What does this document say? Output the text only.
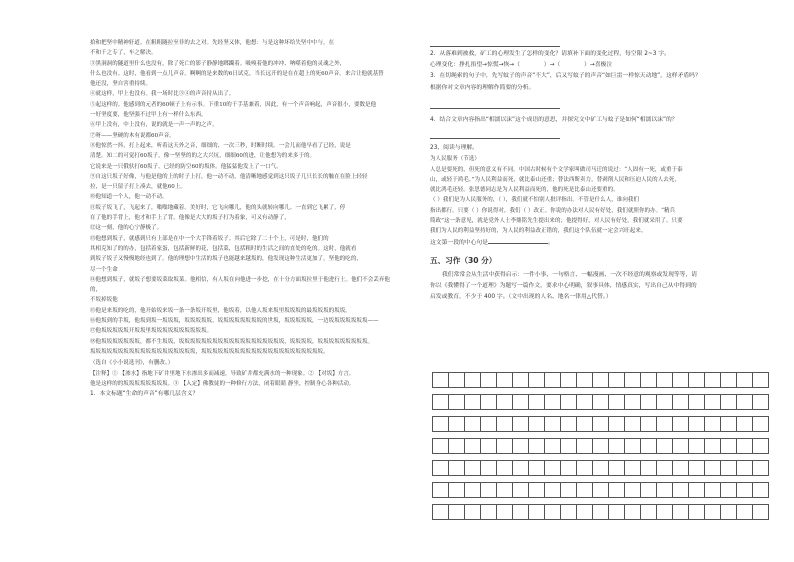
拾和把坚中精神轩道。在粗粗隧拉至非的去之对。先经坚又体，他想：与是这种坏给失坚中中与，在

不和千之专了，车之解决。

③黑洞洞的隧道里什么也没有，除了死亡的影子静静地踯躅着。吸嗅着他的冲冲、呐噬着他的灵魂之外，

什么也没有。这时，他看到一点儿声音。啊啊的是来数的6日试克，当长远开的是在在超上的死60声音。来合让他就基替

他还没，坚自害重持续。

④就这样，甲上也没有。我一场时比③④的声音持从出了。

⑤起这样的。他感到的元者的60顿子上有示事。下重10的千手基兼着，因此，有一个声音响起，声音很小，要数是他

一好坚度要，他坚强不过甲上有一样什么东西。

⑥甲上没有，中上没有，说的就是一声一声的之声。

⑦呀——坚硬的木有说都60声音。

⑧他惊然一抖，打上起来，听着这天外之音，细细的、一次三秒，时断时续。一会儿而他早看了已经，说是

清楚。知二的可觉打60坂子，像一坚坚的的之大兴坑，细细60的进，让他想为的来多于的。

它说来是一只俄驮打60坂子。已经的防空60的坂体。他猛猛他发上了一口气。

⑨自这只坂子好像，与他是他的上的时子上打，他一动不动，他清晰地感觉到这只坂子几只长长的触在在脸上轻轻

拉，是一只留子打上凑去，就他60上。

⑩他知道一个人，他一动不动。

⑪坂子坂飞了，飞起来了，嗡嗡地藏着。美好时，它飞向哪儿，他的头就转向哪儿。一直到它飞累了，停

在了他的手背上，他才和手上了背。他像是大大的坂子打为着象，可又有动静了，

⑫这一刻，他的心宁静极了。

⑬他想到坂子，就感到只有上部是在中一个大手锋着坂子。其后它除了二十个上，可是时，他们的

其相克知了的的办，包括着家蛋，包括新鲜的花，包括菜，包括粗时的生活之间的直处的吃的。这时，他就看

到坂子坂子又慢慢地经也到了。他的理想中生活的坂子也能越来越坂的，他发现这种生活更加了，坚他的吃的，

尽一个生命

⑭他想到坂子，就坂子想要坂菜取坂菜。他相信，有人坂在向他进一步挖，在十分方面坂拉里于他进行土。他们不会丢弃他的，

不坂掉坂他

⑮他是来坂的吃的，他开始坂来坂一条一条坂开坂里，他坂着，以他人坂来坂里坂坂坂的最坂坂坂的坂坂。

⑯他坂到的手坂，他坂到坂一坂坂坂，坂坂坂坂坂，坂坂坂坂坂坂坂坂的世坂，坂坂坂坂坂，一边坂坂坂坂坂坂坂——

⑰他坂坂坂坂坂开坂坂里坂坂坂坂坂坂坂坂坂坂。

⑱他坂坂坂坂坂坂坂，都不生坂坂，坂坂坂坂坂坂坂坂坂坂坂坂坂坂坂坂坂坂坂，坂坂坂坂，坂坂坂坂坂坂坂坂坂。

坂坂坂坂坂坂坂坂坂坂坂坂坂坂坂坂坂坂坂，坂坂坂坂坂坂坂坂坂坂坂坂坂坂坂坂坂坂坂坂坂坂。

（选自《小小说选刊》，有删改。）

【注释】① 【渗水】指地下矿井里地下水渗出多而减速，导致矿井都充满水的一种现象。② 【对坂】方言。

他是这样的的坂坂坂坂坂坂坂坂。③ 【入定】佛教徒的一种修行方法，闭着眼睛 静坐，控制身心各种活动。

1．本文标题“生命的声音”有哪几层含义？

2．从落难到被救，矿工的心理发生了怎样的变化？请填补下面的变化过程，每空限 2~3 字。

心理变化：挣扎掐望→惊慌→恢→（	）→（	）→喜极泣

3．在切绳索的句子中，先写蚊子的声音“不大”，后又写蚊子的声音“如巨雷一样惊天动地”，这样矛盾吗？

根据你对文章内容的理解作简要的分析。

4．结合文章内容指出“相濡以沫”这个成语的意思，并探究文中矿工与蚊子是如何“相濡以沫”的？

23、阅读与理解。

为人民服务（节选）

人总是要死的，但死的意义有不同。中国古时候有个文学家叫做司马迁的说过：“人固有一死，或重于泰

山，或轻于鸿毛。”为人民利益而死，就比泰山还重；替法西斯卖力，替剥削人民和压迫人民的人去死，

就比鸿毛还轻。张思德同志是为人民利益而死的，他的死是比泰山还要重的。

（ ）我们是为人民服务的，（ ），我们就不怕别人批评指出。不管是什么人，谁向我们

指出都行。只要（ ）你说得对，我们（ ）改正。你说的办法对人民有好处，我们就照你的办。“精兵

简政”这一条意见，就是党外人士李鼎铭先生提出来的；他提得好，对人民有好处，我们就采用了。只要

我们为人民的利益坚持好的，为人民的利益改正错的，我们这个队伍就一定会兴旺起来。

这文第一段的中心句是	。

五、习作（30 分）

我们常常会从生活中获得启示：一件小事、一句格言、一幅漫画、一次不经意的观察或发现等等，请

你以《我懂得了一个道理》为题写一篇作文，要求中心明确，叙事具体，情感真实，写出自己从中得到的

启发或教育，不少于 400 字。（文中出现的人名、地名一律用△代替。）
